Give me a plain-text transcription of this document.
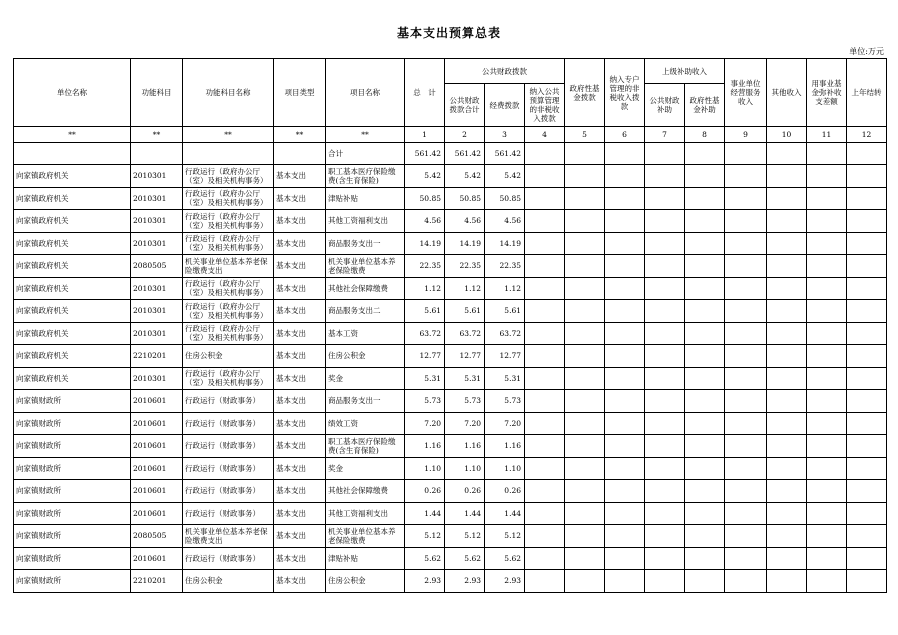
基本支出预算总表
单位:万元
单位名称	功能科目	功能科目名称	项目类型	项目名称	总　计	公共财政拨款			政府性基金拨款	纳入专户管理的非税收入拨款	上级补助收入		事业单位经营服务收入	其他收入	用事业基金弥补收支差额	上年结转
						公共财政拨款合计	经费拨款	纳入公共预算管理的非税收入拨款			公共财政补助	政府性基金补助				
**	**	**	**	**	1	2	3	4	5	6	7	8	9	10	11	12
				合计	561.42	561.42	561.42									
向家镇政府机关	2010301	行政运行（政府办公厅（室）及相关机构事务）	基本支出	职工基本医疗保险缴费(含生育保险)	5.42	5.42	5.42									
向家镇政府机关	2010301	行政运行（政府办公厅（室）及相关机构事务）	基本支出	津贴补贴	50.85	50.85	50.85									
向家镇政府机关	2010301	行政运行（政府办公厅（室）及相关机构事务）	基本支出	其他工资福利支出	4.56	4.56	4.56									
向家镇政府机关	2010301	行政运行（政府办公厅（室）及相关机构事务）	基本支出	商品服务支出一	14.19	14.19	14.19									
向家镇政府机关	2080505	机关事业单位基本养老保险缴费支出	基本支出	机关事业单位基本养老保险缴费	22.35	22.35	22.35									
向家镇政府机关	2010301	行政运行（政府办公厅（室）及相关机构事务）	基本支出	其他社会保障缴费	1.12	1.12	1.12									
向家镇政府机关	2010301	行政运行（政府办公厅（室）及相关机构事务）	基本支出	商品服务支出二	5.61	5.61	5.61									
向家镇政府机关	2010301	行政运行（政府办公厅（室）及相关机构事务）	基本支出	基本工资	63.72	63.72	63.72									
向家镇政府机关	2210201	住房公积金	基本支出	住房公积金	12.77	12.77	12.77									
向家镇政府机关	2010301	行政运行（政府办公厅（室）及相关机构事务）	基本支出	奖金	5.31	5.31	5.31									
向家镇财政所	2010601	行政运行（财政事务）	基本支出	商品服务支出一	5.73	5.73	5.73									
向家镇财政所	2010601	行政运行（财政事务）	基本支出	绩效工资	7.20	7.20	7.20									
向家镇财政所	2010601	行政运行（财政事务）	基本支出	职工基本医疗保险缴费(含生育保险)	1.16	1.16	1.16									
向家镇财政所	2010601	行政运行（财政事务）	基本支出	奖金	1.10	1.10	1.10									
向家镇财政所	2010601	行政运行（财政事务）	基本支出	其他社会保障缴费	0.26	0.26	0.26									
向家镇财政所	2010601	行政运行（财政事务）	基本支出	其他工资福利支出	1.44	1.44	1.44									
向家镇财政所	2080505	机关事业单位基本养老保险缴费支出	基本支出	机关事业单位基本养老保险缴费	5.12	5.12	5.12									
向家镇财政所	2010601	行政运行（财政事务）	基本支出	津贴补贴	5.62	5.62	5.62									
向家镇财政所	2210201	住房公积金	基本支出	住房公积金	2.93	2.93	2.93									
